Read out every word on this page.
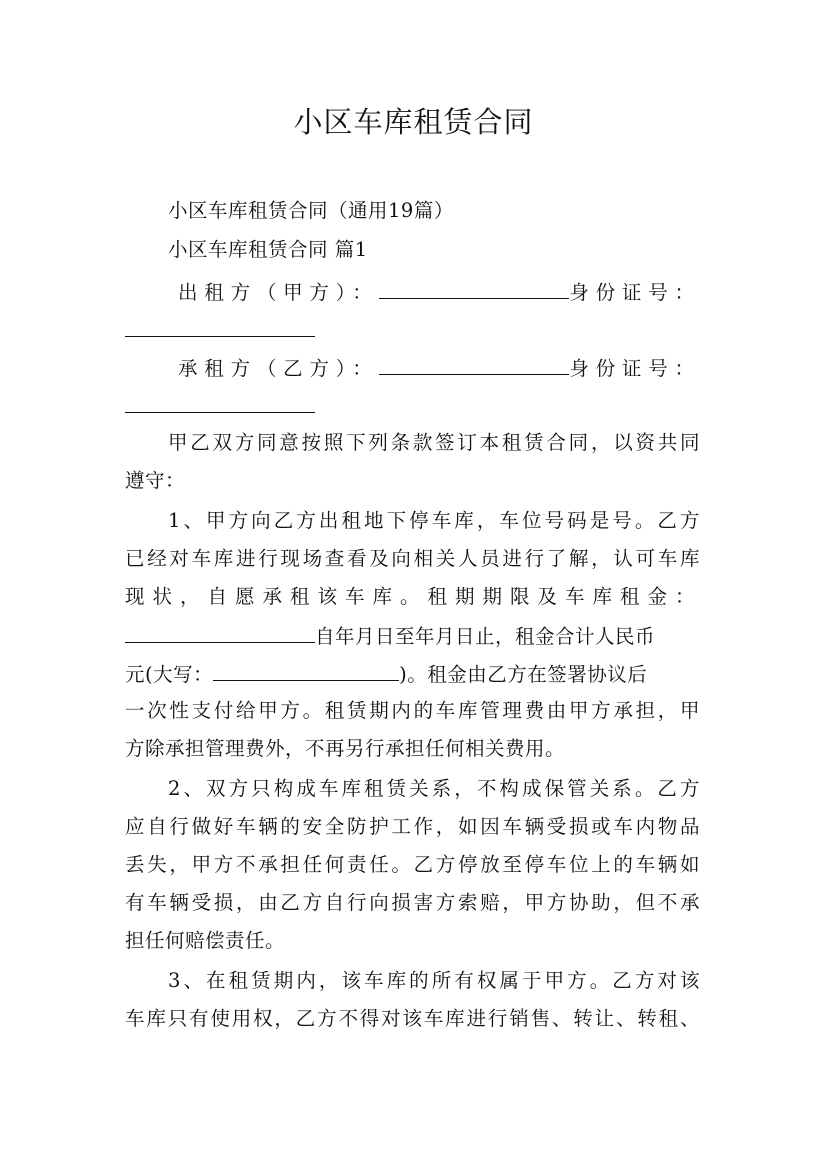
小区车库租赁合同
小区车库租赁合同（通用19篇）
小区车库租赁合同 篇1
出租方（甲方）：	身份证号：
承租方（乙方）：	身份证号：
甲乙双方同意按照下列条款签订本租赁合同，以资共同
遵守：
1、甲方向乙方出租地下停车库，车位号码是号。乙方
已经对车库进行现场查看及向相关人员进行了解，认可车库
现状，自愿承租该车库。租期期限及车库租金：
自年月日至年月日止，租金合计人民币
元(大写：	)。租金由乙方在签署协议后
一次性支付给甲方。租赁期内的车库管理费由甲方承担，甲
方除承担管理费外，不再另行承担任何相关费用。
2、双方只构成车库租赁关系，不构成保管关系。乙方
应自行做好车辆的安全防护工作，如因车辆受损或车内物品
丢失，甲方不承担任何责任。乙方停放至停车位上的车辆如
有车辆受损，由乙方自行向损害方索赔，甲方协助，但不承
担任何赔偿责任。
3、在租赁期内，该车库的所有权属于甲方。乙方对该
车库只有使用权，乙方不得对该车库进行销售、转让、转租、
